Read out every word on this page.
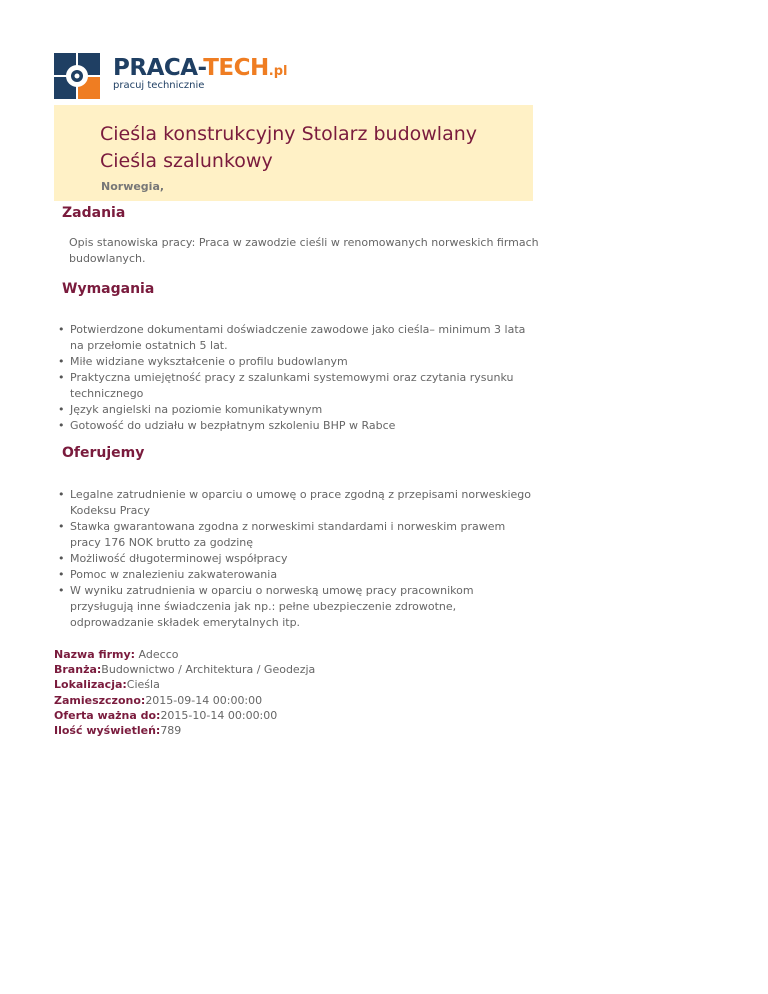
PRACA-TECH.pl
pracuj technicznie
Cieśla konstrukcyjny Stolarz budowlany Cieśla szalunkowy
Norwegia,
Zadania

Opis stanowiska pracy: Praca w zawodzie cieśli w renomowanych norweskich firmach budowlanych.

Wymagania
• Potwierdzone dokumentami doświadczenie zawodowe jako cieśla– minimum 3 lata na przełomie ostatnich 5 lat.
• Miłe widziane wykształcenie o profilu budowlanym
• Praktyczna umiejętność pracy z szalunkami systemowymi oraz czytania rysunku technicznego
• Język angielski na poziomie komunikatywnym
• Gotowość do udziału w bezpłatnym szkoleniu BHP w Rabce
Oferujemy
• Legalne zatrudnienie w oparciu o umowę o prace zgodną z przepisami norweskiego Kodeksu Pracy
• Stawka gwarantowana zgodna z norweskimi standardami i norweskim prawem pracy 176 NOK brutto za godzinę
• Możliwość długoterminowej współpracy
• Pomoc w znalezieniu zakwaterowania
• W wyniku zatrudnienia w oparciu o norweską umowę pracy pracownikom przysługują inne świadczenia jak np.: pełne ubezpieczenie zdrowotne, odprowadzanie składek emerytalnych itp.
Nazwa firmy: Adecco
Branża:Budownictwo / Architektura / Geodezja
Lokalizacja:Cieśla
Zamieszczono:2015-09-14 00:00:00
Oferta ważna do:2015-10-14 00:00:00
Ilość wyświetleń:789
